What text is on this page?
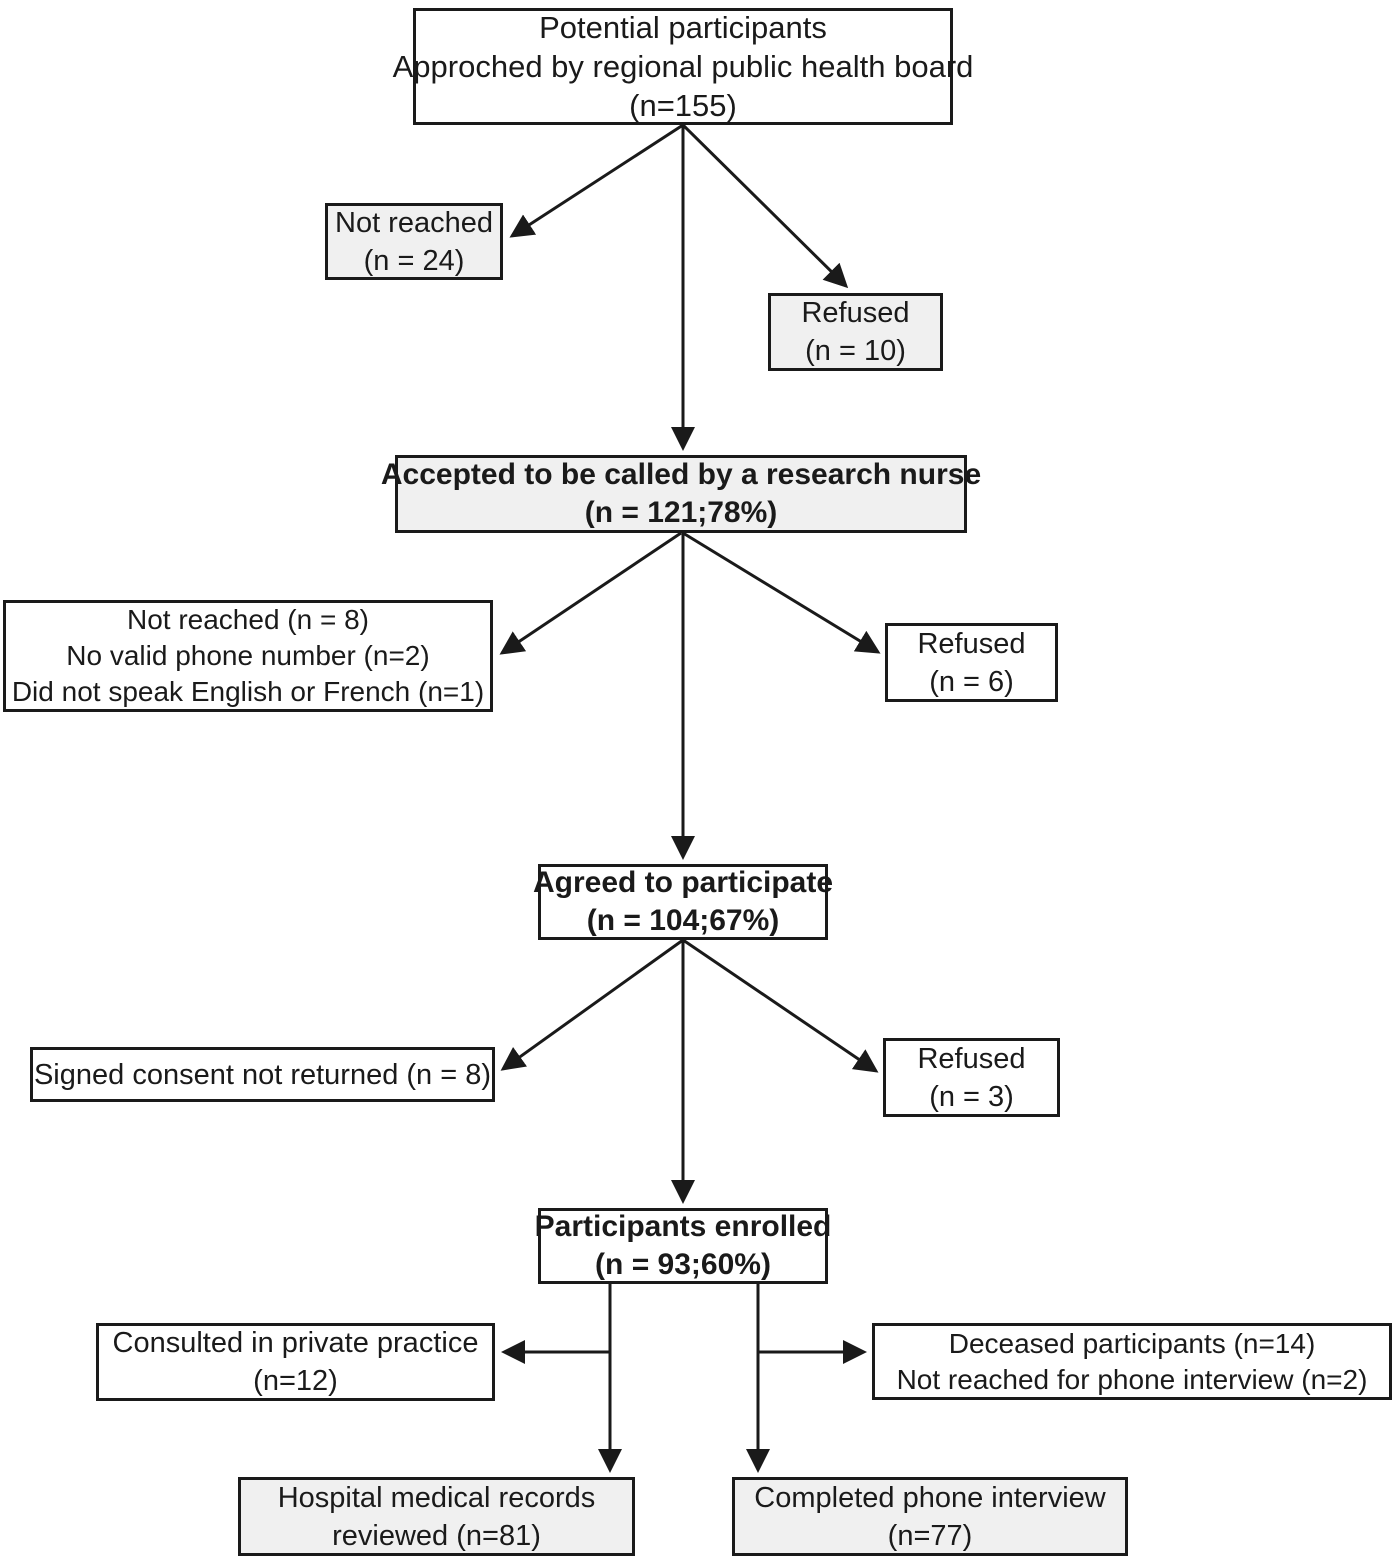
Potential participants
Approched by regional public health board
(n=155)
Not reached
(n = 24)
Refused
(n = 10)
Accepted to be called by a research nurse
(n = 121;78%)
Not reached (n = 8)
No valid phone number (n=2)
Did not speak English or French (n=1)
Refused
(n = 6)
Agreed to participate
(n = 104;67%)
Signed consent not returned (n = 8)	Refused
(n = 3)
Participants enrolled
(n = 93;60%)
Consulted in private practice
(n=12)
Deceased participants (n=14)
Not reached for phone interview (n=2)
Hospital medical records
reviewed (n=81)
Completed phone interview
(n=77)
